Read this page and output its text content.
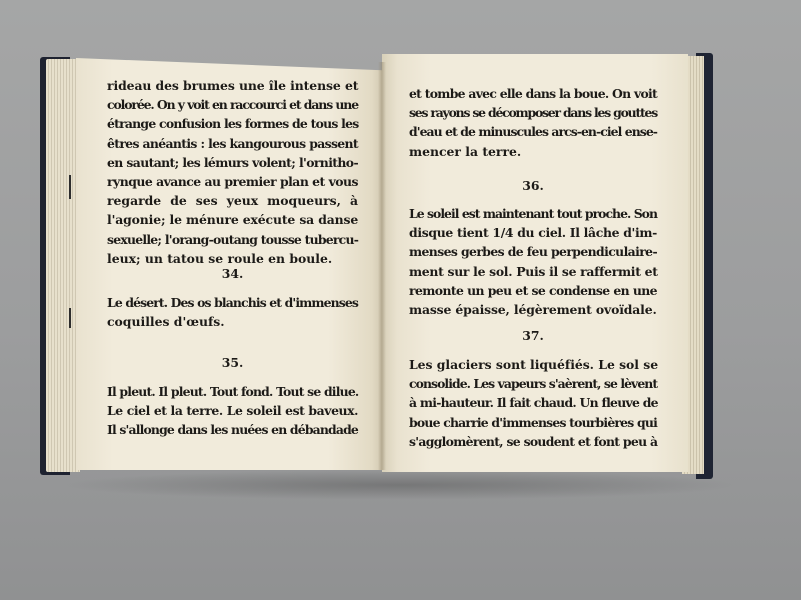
rideau des brumes une île intense et
colorée. On y voit en raccourci et dans une
étrange confusion les formes de tous les
êtres anéantis : les kangourous passent
en sautant; les lémurs volent; l'ornitho-
rynque avance au premier plan et vous
regarde de ses yeux moqueurs, à
l'agonie; le ménure exécute sa danse
sexuelle; l'orang-outang tousse tubercu-
leux; un tatou se roule en boule.
34.
Le désert. Des os blanchis et d'immenses
coquilles d'œufs.
35.
Il pleut. Il pleut. Tout fond. Tout se dilue.
Le ciel et la terre. Le soleil est baveux.
Il s'allonge dans les nuées en débandade
et tombe avec elle dans la boue. On voit
ses rayons se décomposer dans les gouttes
d'eau et de minuscules arcs-en-ciel ense-
mencer la terre.
36.
Le soleil est maintenant tout proche. Son
disque tient 1/4 du ciel. Il lâche d'im-
menses gerbes de feu perpendiculaire-
ment sur le sol. Puis il se raffermit et
remonte un peu et se condense en une
masse épaisse, légèrement ovoïdale.
37.
Les glaciers sont liquéfiés. Le sol se
consolide. Les vapeurs s'aèrent, se lèvent
à mi-hauteur. Il fait chaud. Un fleuve de
boue charrie d'immenses tourbières qui
s'agglomèrent, se soudent et font peu à
